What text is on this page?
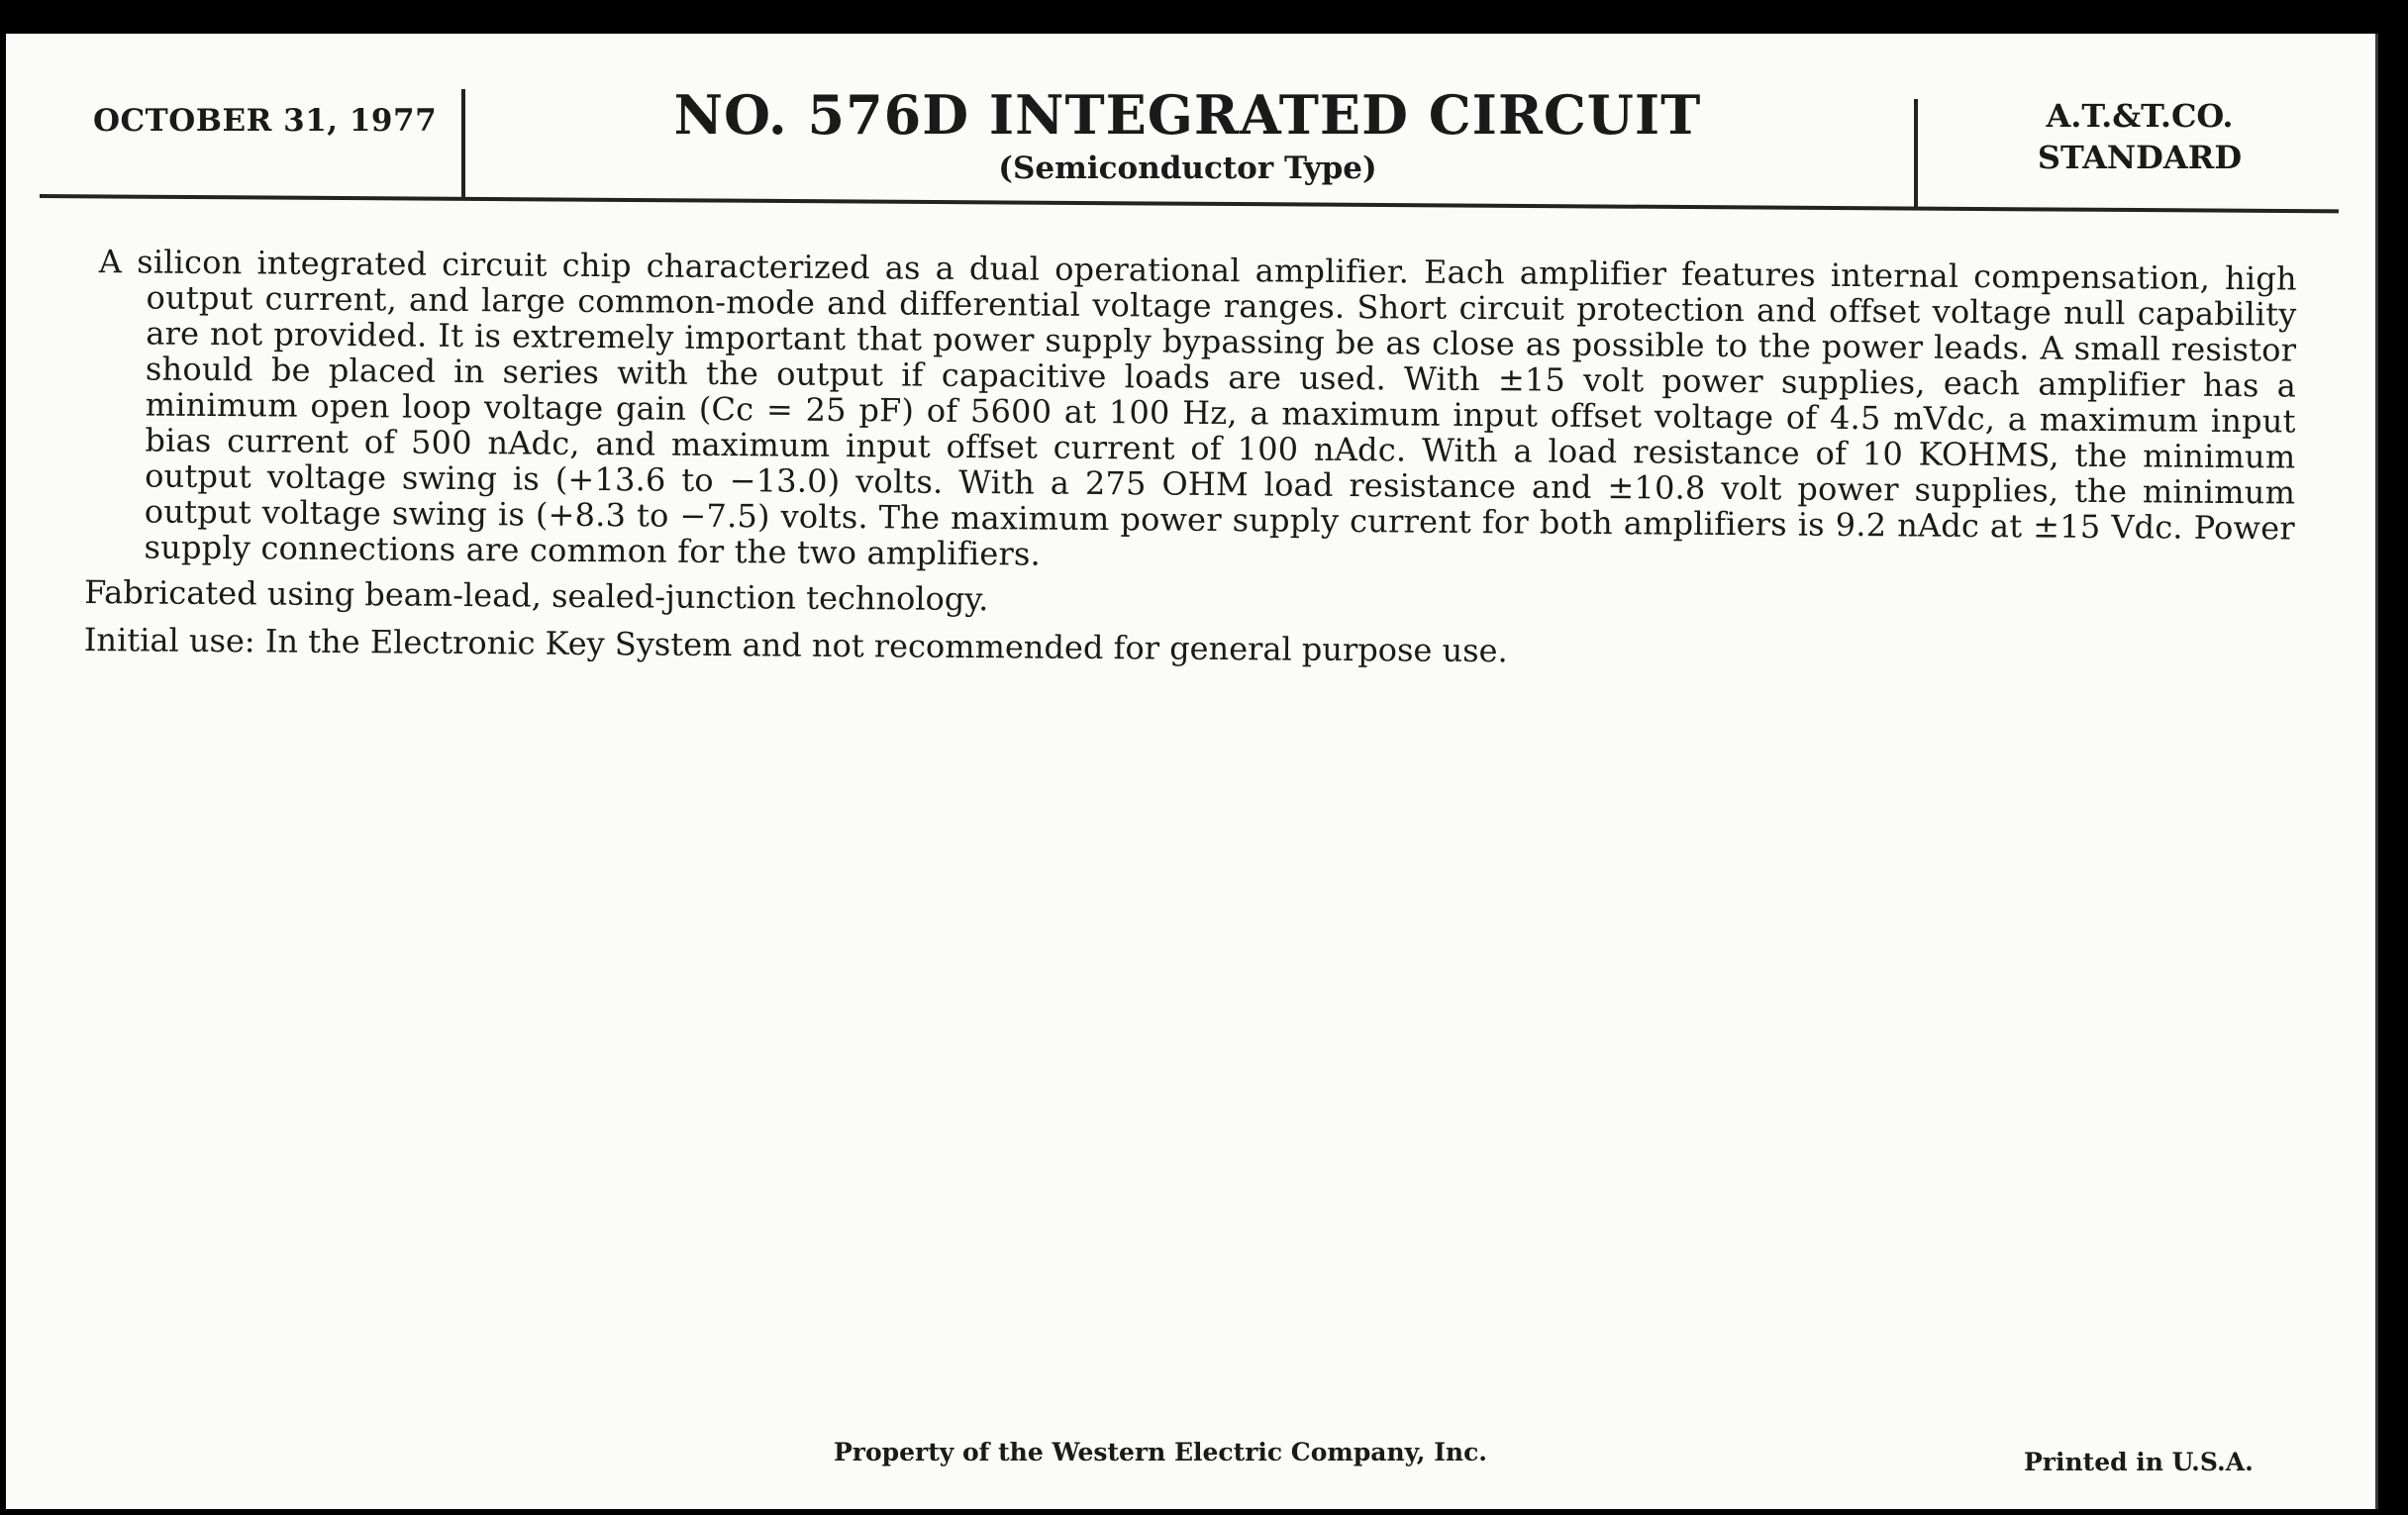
OCTOBER 31, 1977	NO. 576D INTEGRATED CIRCUIT
(Semiconductor Type)
A.T.&T.CO.
STANDARD

A silicon integrated circuit chip characterized as a dual operational amplifier. Each amplifier features internal compensation, high output current, and large common-mode and differential voltage ranges. Short circuit protection and offset voltage null capability are not provided. It is extremely important that power supply bypassing be as close as possible to the power leads. A small resistor should be placed in series with the output if capacitive loads are used. With ±15 volt power supplies, each amplifier has a minimum open loop voltage gain (Cc = 25 pF) of 5600 at 100 Hz, a maximum input offset voltage of 4.5 mVdc, a maximum input bias current of 500 nAdc, and maximum input offset current of 100 nAdc. With a load resistance of 10 KOHMS, the minimum output voltage swing is (+13.6 to −13.0) volts. With a 275 OHM load resistance and ±10.8 volt power supplies, the minimum output voltage swing is (+8.3 to −7.5) volts. The maximum power supply current for both amplifiers is 9.2 nAdc at ±15 Vdc. Power supply connections are common for the two amplifiers.

Fabricated using beam-lead, sealed-junction technology.

Initial use: In the Electronic Key System and not recommended for general purpose use.

Property of the Western Electric Company, Inc.	Printed in U.S.A.
